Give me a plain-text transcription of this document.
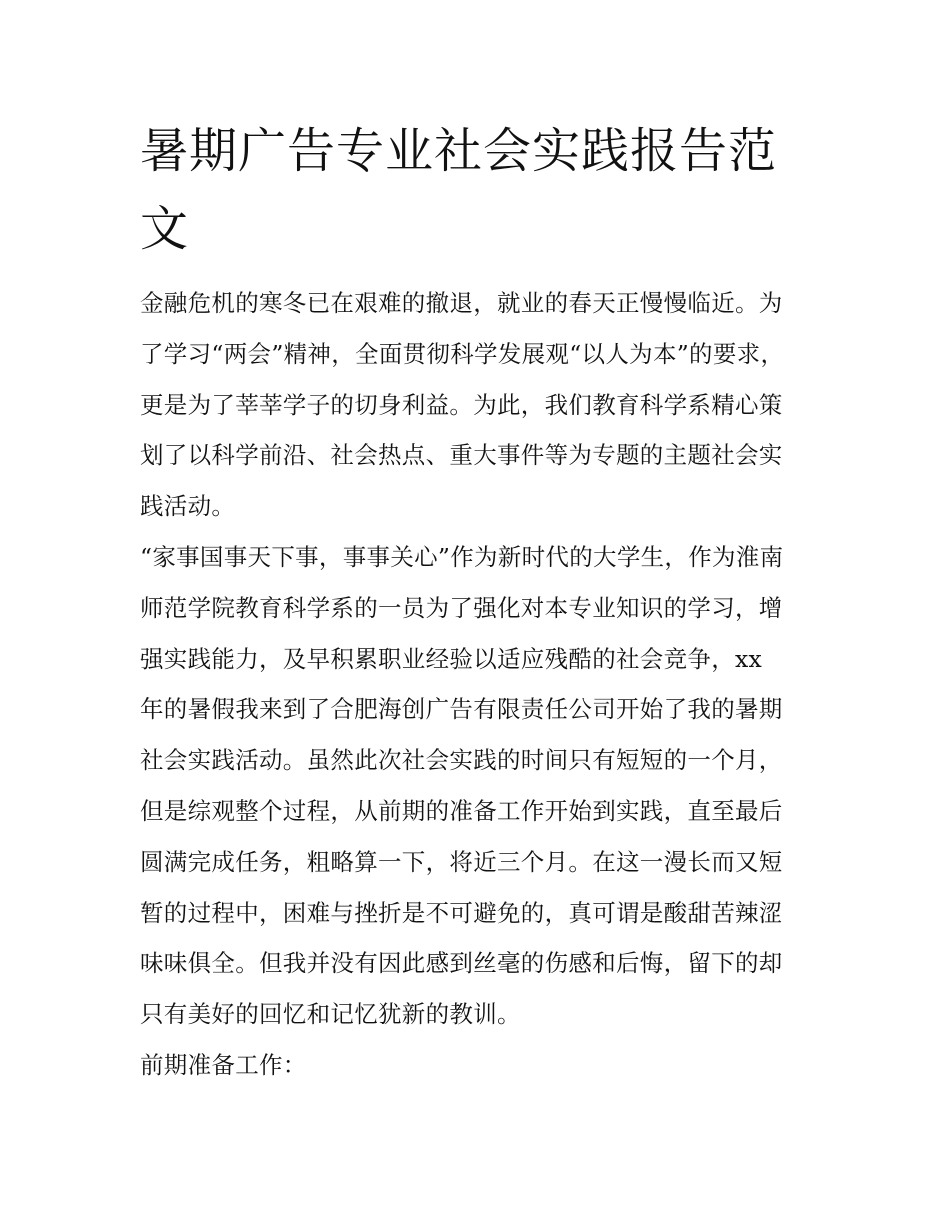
暑期广告专业社会实践报告范
文
金融危机的寒冬已在艰难的撤退，就业的春天正慢慢临近。为
了学习“两会”精神，全面贯彻科学发展观“以人为本”的要求，
更是为了莘莘学子的切身利益。为此，我们教育科学系精心策
划了以科学前沿、社会热点、重大事件等为专题的主题社会实
践活动。
“家事国事天下事，事事关心”作为新时代的大学生，作为淮南
师范学院教育科学系的一员为了强化对本专业知识的学习，增
强实践能力，及早积累职业经验以适应残酷的社会竞争，xx
年的暑假我来到了合肥海创广告有限责任公司开始了我的暑期
社会实践活动。虽然此次社会实践的时间只有短短的一个月，
但是综观整个过程，从前期的准备工作开始到实践，直至最后
圆满完成任务，粗略算一下，将近三个月。在这一漫长而又短
暂的过程中，困难与挫折是不可避免的，真可谓是酸甜苦辣涩
味味俱全。但我并没有因此感到丝毫的伤感和后悔，留下的却
只有美好的回忆和记忆犹新的教训。
前期准备工作：
